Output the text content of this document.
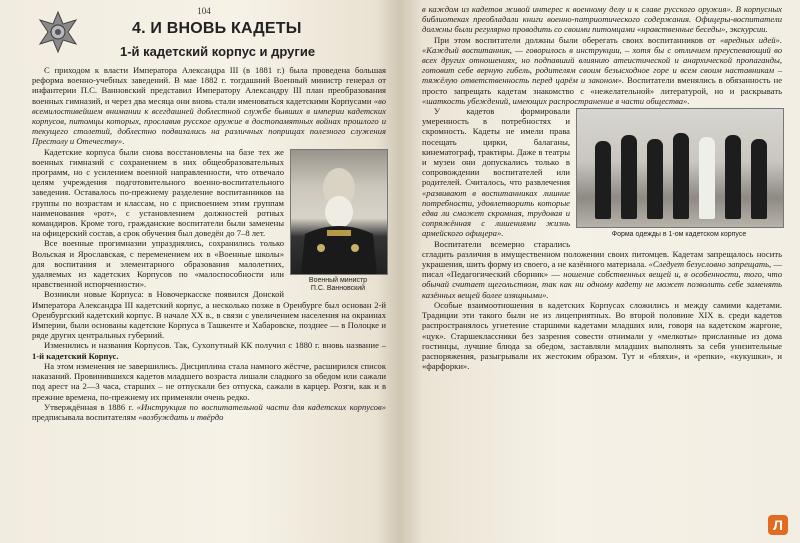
104
4. И ВНОВЬ КАДЕТЫ
1-й кадетский корпус и другие

С приходом к власти Императора Александра III (в 1881 г.) была проведена большая реформа военно-учебных заведений. В мае 1882 г. тогдашний Военный министр генерал от инфантерии П.С. Ванновский представил Императору Александру III план преобразования военных гимназий, и через два месяца они вновь стали именоваться кадетскими Корпусами «во всемилостивейшем внимании к всегдашней доблестной службе бывших в империи кадетских корпусов, питомцы которых, прославив русское оружие в достопамятных войнах прошлого и текущего столетий, доблестно подвизались на различных поприщах полезного служения Престолу и Отечеству».

Военный министр
П.С. Ванновский

Кадетские корпуса были снова восстановлены на базе тех же военных гимназий с сохранением в них общеобразовательных программ, но с усилением военной направленности, что отвечало целям учреждения подготовительного военно-воспитательного заведения. Оставалось по-прежнему разделение воспитанников на группы по возрастам и классам, но с присвоением этим группам наименования «рот», с установлением должностей ротных командиров. Кроме того, гражданские воспитатели были заменены на офицерский состав, а срок обучения был доведён до 7–8 лет.

Все военные прогимназии упразднялись, сохранились только Вольская и Ярославская, с переменением их в «Военные школы» для воспитания и элементарного образования малолетних, удаляемых из кадетских Корпусов по «малоспособности или нравственной испорченности».

Возникли новые Корпуса: в Новочеркасске появился Донской Императора Александра III кадетский корпус, а несколько позже в Оренбурге был основан 2-й Оренбургский кадетский корпус. В начале XX в., в связи с увеличением населения на окраинах Империи, были основаны кадетские Корпуса в Ташкенте и Хабаровске, позднее — в Полоцке и ряде других центральных губерний.

Изменились и названия Корпусов. Так, Сухопутный КК получил с 1880 г. вновь название – 1-й кадетский Корпус.

На этом изменения не завершились. Дисциплина стала намного жёстче, расширился список наказаний. Провинившихся кадетов младшего возраста лишали сладкого за обедом или сажали под арест на 2—3 часа, старших – не отпускали без отпуска, сажали в карцер. Розги, как и в прежние времена, по-прежнему их применяли очень редко.

Утверждённая в 1886 г. «Инструкция по воспитательной части для кадетских корпусов» предписывала воспитателям «возбуждать и твёрдо

в каждом из кадетов живой интерес к военному делу и к славе русского оружия». В корпусных библиотеках преобладали книги военно-патриотического содержания. Офицеры-воспитатели должны были регулярно проводить со своими питомцами «нравственные беседы», экскурсии.

При этом воспитатели должны были оберегать своих воспитанников от «вредных идей». «Каждый воспитанник, — говорилось в инструкции, – хотя бы с отличием преуспевающий во всех других отношениях, но подпавший влиянию атеистической и анархической пропаганды, готовит себе верную гибель, родителям своим безысходное горе и всем своим наставникам – тяжёлую ответственность перед царём и законом». Воспитатели вменялись в обязанность не просто запрещать кадетам знакомство с «нежелательной» литературой, но и раскрывать «шаткость убеждений, имеющих распространение в части общества».

Форма одежды в 1-ом кадетском корпусе

У кадетов формировали умеренность в потребностях и скромность. Кадеты не имели права посещать цирки, балаганы, кинематограф, трактиры. Даже в театры и музеи они допускались только в сопровождении воспитателей или родителей. Считалось, что развлечения «развивают в воспитанниках лишние потребности, удовлетворить которые едва ли сможет скромная, трудовая и сопряжённая с лишениями жизнь армейского офицера».

Воспитатели всемерно старались сгладить различия в имущественном положении своих питомцев. Кадетам запрещалось носить украшения, шить форму из своего, а не казённого материала. «Следует безусловно запрещать, — писал «Педагогический сборник» — ношение собственных вещей и, в особенности, того, что обычай считает щегольством, так как ни одному кадету не может позволить себе заменять казённых вещей более изящными».

Особые взаимоотношения в кадетских Корпусах сложились и между самими кадетами. Традиции эти такого были не из лицеприятных. Во второй половине XIX в. среди кадетов распространялось угнетение старшими кадетами младших или, говоря на кадетском жаргоне, «цук». Старшеклассники без зазрения совести отнимали у «мелкоты» присланные из дома гостинцы, лучшие блюда за обедом, заставляли младших выполнять за себя унизительные распоряжения, разыгрывали их жестоким образом. Тут и «бляхи», и «репки», «кукушки», и «фарфорки».

Л
